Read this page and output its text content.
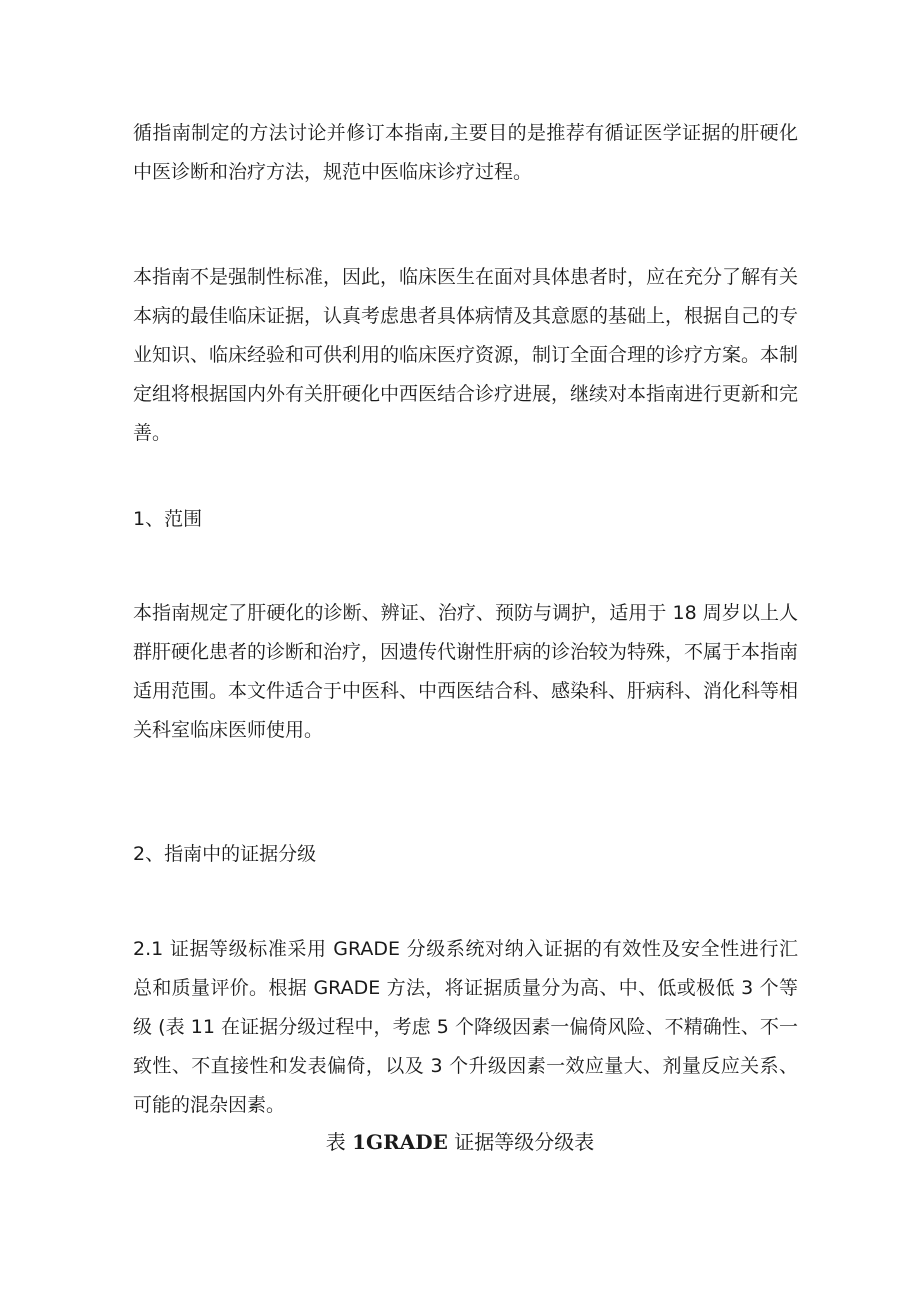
循指南制定的方法讨论并修订本指南,主要目的是推荐有循证医学证据的肝硬化中医诊断和治疗方法，规范中医临床诊疗过程。

本指南不是强制性标准，因此，临床医生在面对具体患者时，应在充分了解有关本病的最佳临床证据，认真考虑患者具体病情及其意愿的基础上，根据自己的专业知识、临床经验和可供利用的临床医疗资源，制订全面合理的诊疗方案。本制定组将根据国内外有关肝硬化中西医结合诊疗进展，继续对本指南进行更新和完善。

1、范围

本指南规定了肝硬化的诊断、辨证、治疗、预防与调护，适用于 18 周岁以上人群肝硬化患者的诊断和治疗，因遗传代谢性肝病的诊治较为特殊，不属于本指南适用范围。本文件适合于中医科、中西医结合科、感染科、肝病科、消化科等相关科室临床医师使用。

2、指南中的证据分级

2.1 证据等级标准采用 GRADE 分级系统对纳入证据的有效性及安全性进行汇总和质量评价。根据 GRADE 方法，将证据质量分为高、中、低或极低 3 个等级 (表 11 在证据分级过程中，考虑 5 个降级因素一偏倚风险、不精确性、不一致性、不直接性和发表偏倚，以及 3 个升级因素一效应量大、剂量反应关系、可能的混杂因素。

表 1GRADE 证据等级分级表
